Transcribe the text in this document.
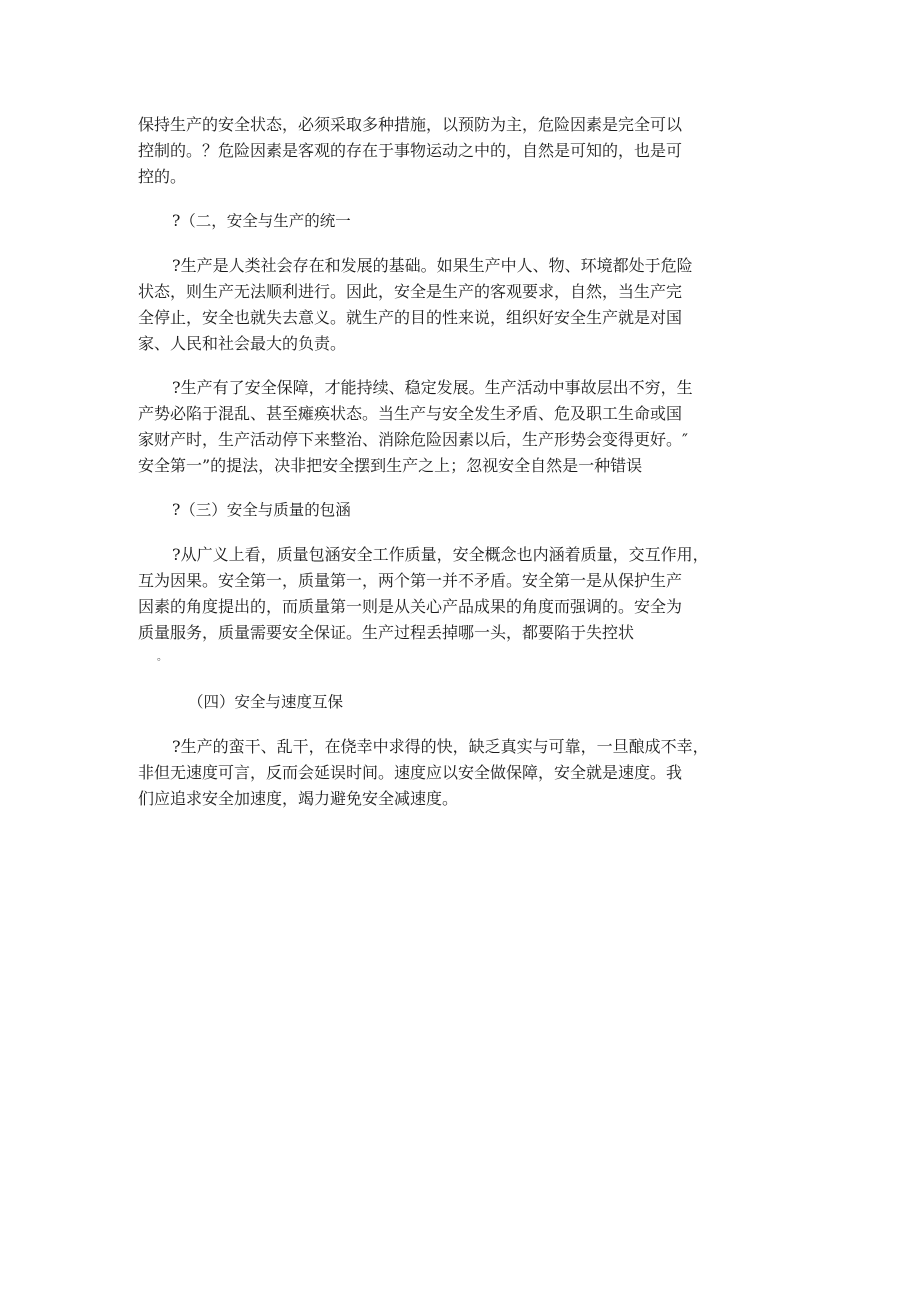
保持生产的安全状态，必须采取多种措施，以预防为主，危险因素是完全可以
控制的。？危险因素是客观的存在于事物运动之中的，自然是可知的，也是可
控的。
?（二，安全与生产的统一
?生产是人类社会存在和发展的基础。如果生产中人、物、环境都处于危险
状态，则生产无法顺利进行。因此，安全是生产的客观要求，自然，当生产完
全停止，安全也就失去意义。就生产的目的性来说，组织好安全生产就是对国
家、人民和社会最大的负责。
?生产有了安全保障，才能持续、稳定发展。生产活动中事故层出不穷，生
产势必陷于混乱、甚至瘫痪状态。当生产与安全发生矛盾、危及职工生命或国
家财产时，生产活动停下来整治、消除危险因素以后，生产形势会变得更好。″
安全第一”的提法，决非把安全摆到生产之上；忽视安全自然是一种错误
?（三）安全与质量的包涵
?从广义上看，质量包涵安全工作质量，安全概念也内涵着质量，交互作用，
互为因果。安全第一，质量第一，两个第一并不矛盾。安全第一是从保护生产
因素的角度提出的，而质量第一则是从关心产品成果的角度而强调的。安全为
质量服务，质量需要安全保证。生产过程丢掉哪一头，都要陷于失控状
。
（四）安全与速度互保
?生产的蛮干、乱干，在侥幸中求得的快，缺乏真实与可靠，一旦酿成不幸，
非但无速度可言，反而会延误时间。速度应以安全做保障，安全就是速度。我
们应追求安全加速度，竭力避免安全减速度。
